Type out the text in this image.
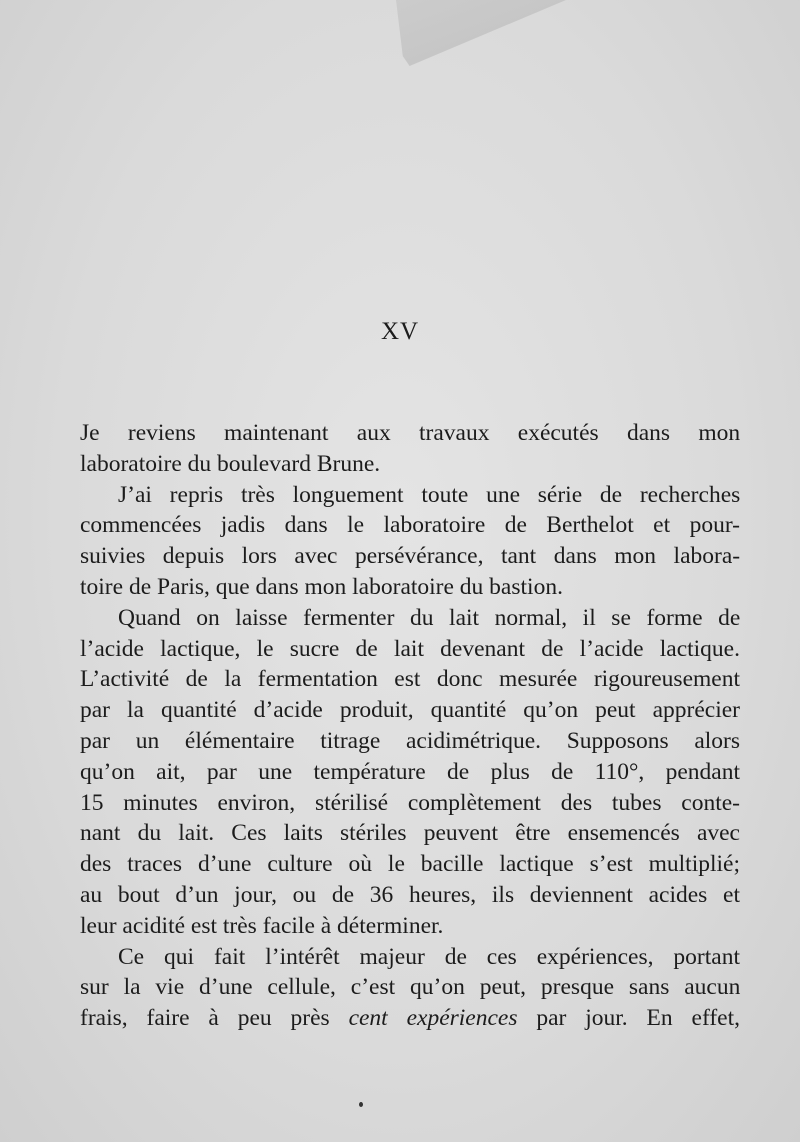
XV
Je reviens maintenant aux travaux exécutés dans mon
laboratoire du boulevard Brune.
J’ai repris très longuement toute une série de recherches
commencées jadis dans le laboratoire de Berthelot et pour-
suivies depuis lors avec persévérance, tant dans mon labora-
toire de Paris, que dans mon laboratoire du bastion.
Quand on laisse fermenter du lait normal, il se forme de
l’acide lactique, le sucre de lait devenant de l’acide lactique.
L’activité de la fermentation est donc mesurée rigoureusement
par la quantité d’acide produit, quantité qu’on peut apprécier
par un élémentaire titrage acidimétrique. Supposons alors
qu’on ait, par une température de plus de 110°, pendant
15 minutes environ, stérilisé complètement des tubes conte-
nant du lait. Ces laits stériles peuvent être ensemencés avec
des traces d’une culture où le bacille lactique s’est multiplié;
au bout d’un jour, ou de 36 heures, ils deviennent acides et
leur acidité est très facile à déterminer.
Ce qui fait l’intérêt majeur de ces expériences, portant
sur la vie d’une cellule, c’est qu’on peut, presque sans aucun
frais, faire à peu près cent expériences par jour. En effet,
